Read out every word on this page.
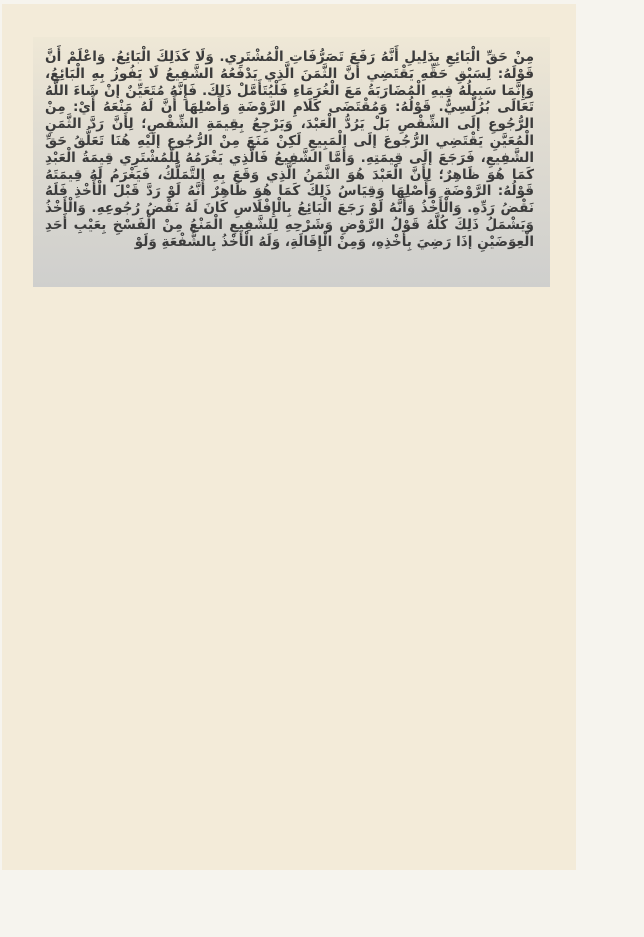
مِنْ حَقِّ الْبَائِعِ بِدَلِيلِ أَنَّهُ رَفَعَ تَصَرُّفَاتِ الْمُشْتَرِي. وَلَا كَذَلِكَ الْبَائِعُ. وَاعْلَمْ أَنَّ قَوْلَهُ: لِسَبْقِ حَقِّهِ يَقْتَضِي أَنَّ الثَّمَنَ الَّذِي يَدْفَعُهُ الشَّفِيعُ لَا يَفُوزُ بِهِ الْبَائِعُ، وَإِنَّمَا سَبِيلُهُ فِيهِ الْمُضَارَبَةُ مَعَ الْغُرَمَاءِ فَلْيُتَأَمَّلْ ذَلِكَ. فَإِنَّهُ مُتَعَيِّنٌ إنْ شَاءَ اللَّهُ تَعَالَى بُرُلُّسِيٌّ. قَوْلُهُ: وَمُقْتَضَى كَلَامِ الرَّوْضَةِ وَأَصْلِهَا أَنَّ لَهُ مَنْعَهُ أَيْ: مِنْ الرُّجُوعِ إلَى الشِّقْصِ بَلْ يَرُدُّ الْعَبْدَ، وَيَرْجِعُ بِقِيمَةِ الشِّقْصِ؛ لِأَنَّ رَدَّ الثَّمَنِ الْمُعَيَّنِ يَقْتَضِي الرُّجُوعَ إلَى الْمَبِيعِ لَكِنْ مَنَعَ مِنْ الرُّجُوعِ إلَيْهِ هُنَا تَعَلُّقُ حَقِّ الشَّفِيعِ، فَرَجَعَ إلَى قِيمَتِهِ. وَأَمَّا الشَّفِيعُ فَالَّذِي يَغْرَمُهُ لِلْمُشْتَرِي قِيمَةُ الْعَبْدِ كَمَا هُوَ ظَاهِرٌ؛ لِأَنَّ الْعَبْدَ هُوَ الثَّمَنُ الَّذِي وَقَعَ بِهِ التَّمَلُّكُ، فَيَغْرَمُ لَهُ قِيمَتَهُ قَوْلُهُ: الرَّوْضَةِ وَأَصْلِهَا وَقِيَاسُ ذَلِكَ كَمَا هُوَ ظَاهِرٌ أَنَّهُ لَوْ رَدَّ قَبْلَ الْأَخْذِ فَلَهُ نَقْضُ رَدِّهِ. وَالْأَخْذُ وَأَنَّهُ لَوْ رَجَعَ الْبَائِعُ بِالْإِفْلَاسِ كَانَ لَهُ نَقْضُ رُجُوعِهِ. وَالْأَخْذُ وَيَشْمَلُ ذَلِكَ كُلَّهُ قَوْلُ الرَّوْضِ وَشَرْحِهِ لِلشَّفِيعِ الْمَنْعُ مِنْ الْفَسْخِ بِعَيْبِ أَحَدِ الْعِوَضَيْنِ إذَا رَضِيَ بِأَخْذِهِ، وَمِنْ الْإِقَالَةِ، وَلَهُ الْأَخْذُ بِالشُّفْعَةِ وَلَوْ
